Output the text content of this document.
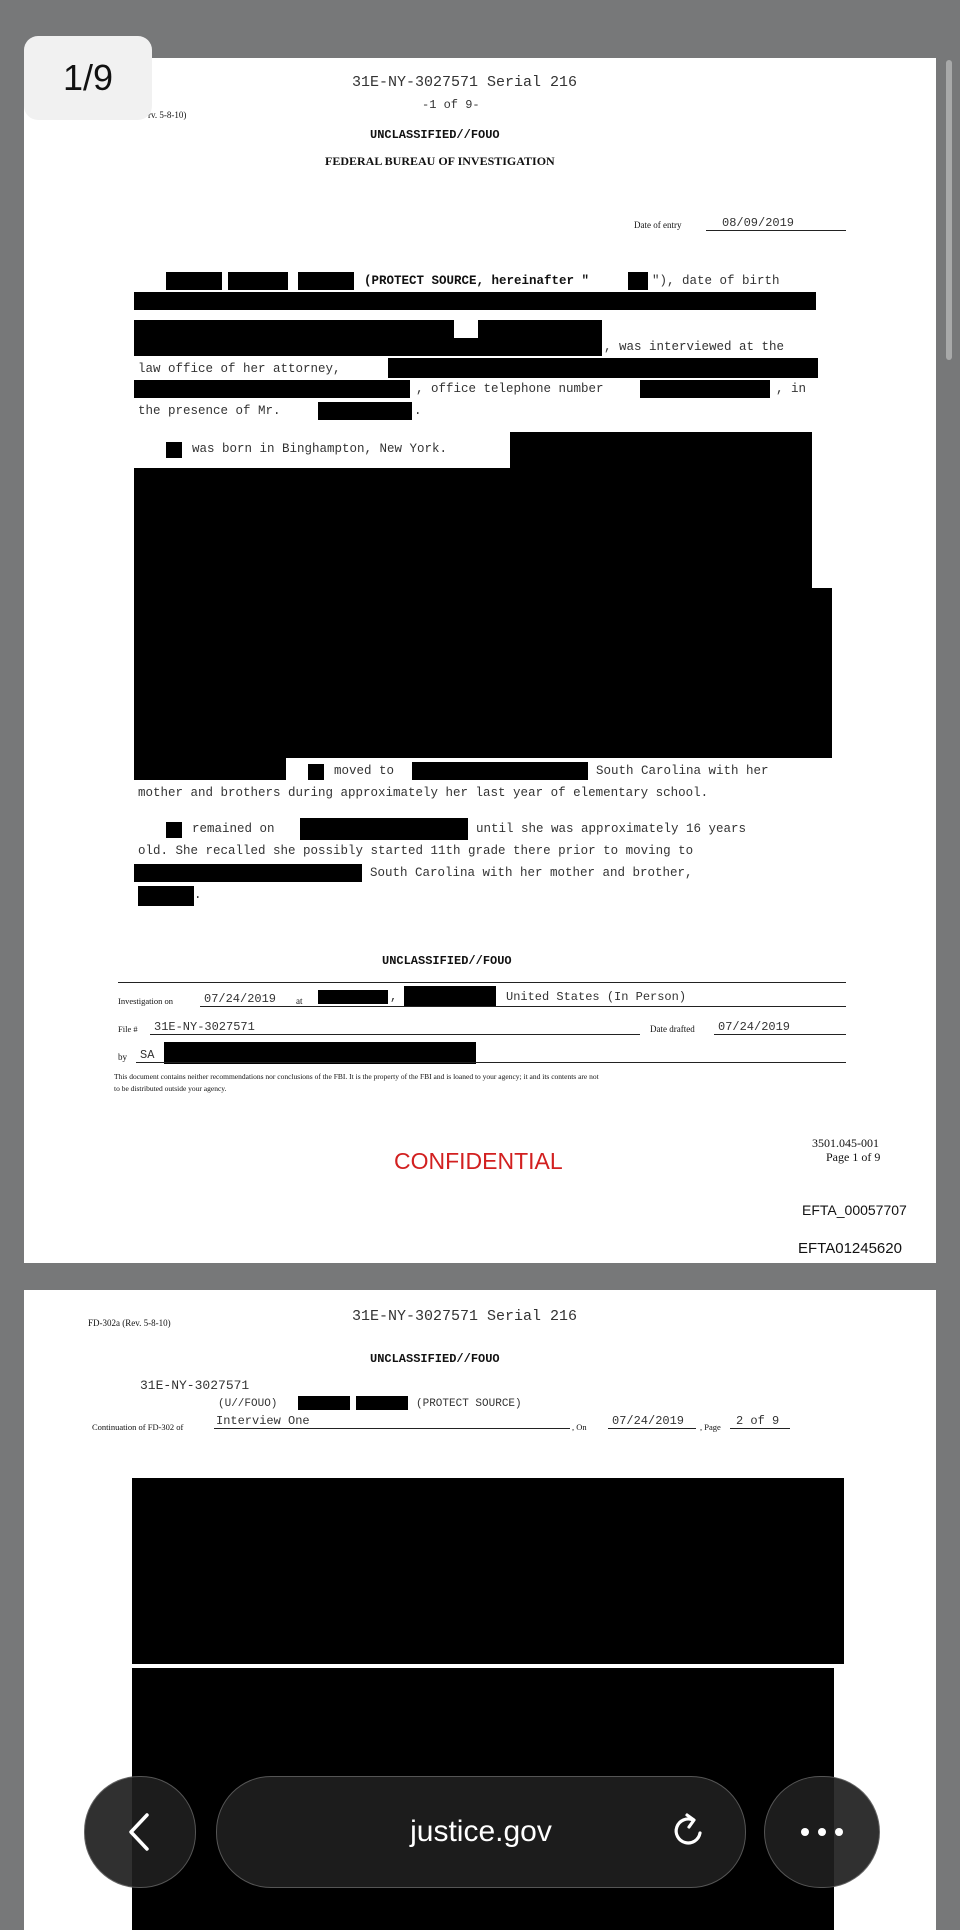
1/9
rv. 5-8-10)
31E-NY-3027571 Serial 216
-1 of 9-
UNCLASSIFIED//FOUO
FEDERAL BUREAU OF INVESTIGATION
Date of entry	08/09/2019
(PROTECT SOURCE, hereinafter "	"), date of birth
, was interviewed at the
law office of her attorney,
, office telephone number	, in
the presence of Mr.	.
was born in Binghampton, New York.
moved to	South Carolina with her
mother and brothers during approximately her last year of elementary school.
remained on	until she was approximately 16 years
old. She recalled she possibly started 11th grade there prior to moving to
South Carolina with her mother and brother,
.
UNCLASSIFIED//FOUO
Investigation on	07/24/2019 at	,	United States (In Person)
File # 31E-NY-3027571	Date drafted 07/24/2019
by SA
This document contains neither recommendations nor conclusions of the FBI. It is the property of the FBI and is loaned to your agency; it and its contents are not
to be distributed outside your agency.
CONFIDENTIAL
3501.045-001
Page 1 of 9
EFTA_00057707
EFTA01245620
FD-302a (Rev. 5-8-10)	31E-NY-3027571 Serial 216
UNCLASSIFIED//FOUO
31E-NY-3027571
(U//FOUO)	(PROTECT SOURCE)
Continuation of FD-302 of	Interview One	, On 07/24/2019 , Page 2 of 9
justice.gov
